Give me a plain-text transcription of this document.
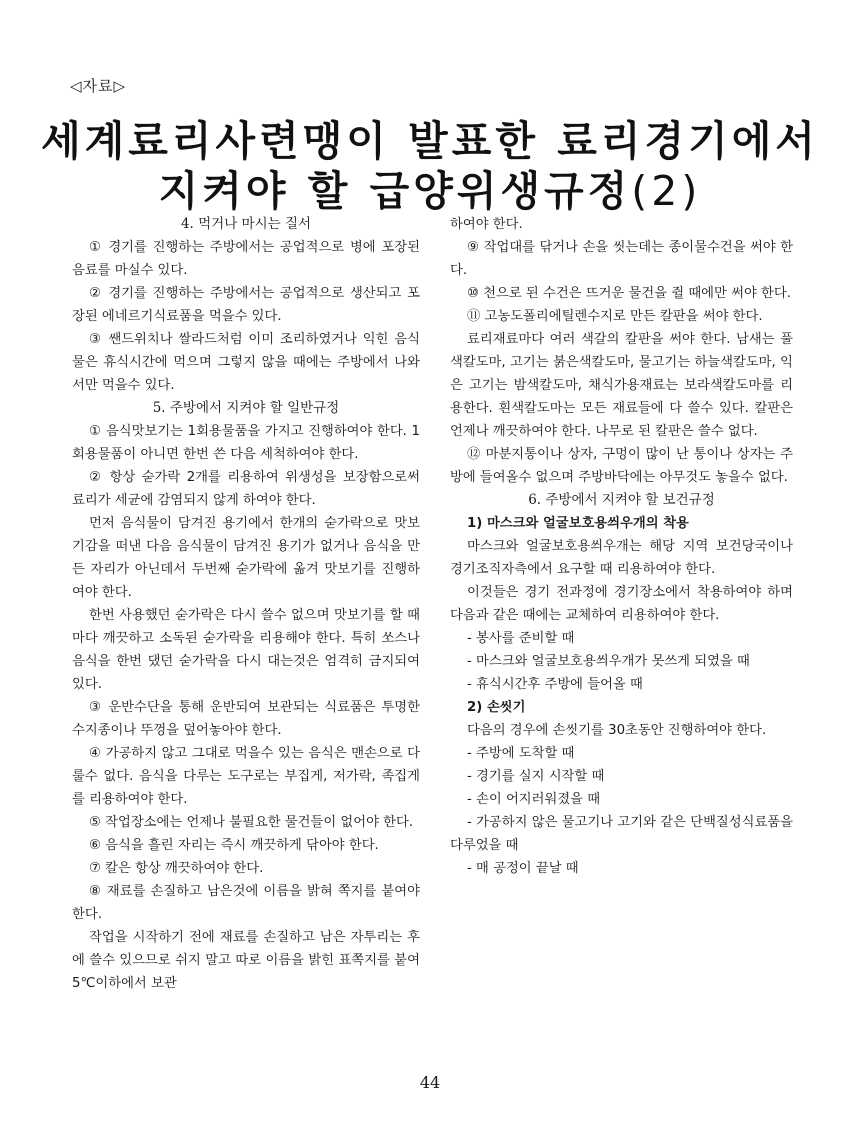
◁자료▷
세계료리사련맹이 발표한 료리경기에서
지켜야 할 급양위생규정(2)

4. 먹거나 마시는 질서

① 경기를 진행하는 주방에서는 공업적으로 병에 포장된 음료를 마실수 있다.

② 경기를 진행하는 주방에서는 공업적으로 생산되고 포장된 에네르기식료품을 먹을수 있다.

③ 쌘드위치나 쌀라드처럼 이미 조리하였거나 익힌 음식물은 휴식시간에 먹으며 그렇지 않을 때에는 주방에서 나와서만 먹을수 있다.

5. 주방에서 지켜야 할 일반규정

① 음식맛보기는 1회용물품을 가지고 진행하여야 한다. 1회용물품이 아니면 한번 쓴 다음 세척하여야 한다.

② 항상 숟가락 2개를 리용하여 위생성을 보장함으로써 료리가 세균에 감염되지 않게 하여야 한다.

먼저 음식물이 담겨진 용기에서 한개의 숟가락으로 맛보기감을 떠낸 다음 음식물이 담겨진 용기가 없거나 음식을 만든 자리가 아닌데서 두번째 숟가락에 옮겨 맛보기를 진행하여야 한다.

한번 사용했던 숟가락은 다시 쓸수 없으며 맛보기를 할 때마다 깨끗하고 소독된 숟가락을 리용해야 한다. 특히 쏘스나 음식을 한번 댔던 숟가락을 다시 대는것은 엄격히 금지되여있다.

③ 운반수단을 통해 운반되여 보관되는 식료품은 투명한 수지종이나 뚜껑을 덮어놓아야 한다.

④ 가공하지 않고 그대로 먹을수 있는 음식은 맨손으로 다룰수 없다. 음식을 다루는 도구로는 부집게, 저가락, 족집게를 리용하여야 한다.

⑤ 작업장소에는 언제나 불필요한 물건들이 없어야 한다.

⑥ 음식을 흘린 자리는 즉시 깨끗하게 닦아야 한다.

⑦ 칼은 항상 깨끗하여야 한다.

⑧ 재료를 손질하고 남은것에 이름을 밝혀 쪽지를 붙여야 한다.

작업을 시작하기 전에 재료를 손질하고 남은 자투리는 후에 쓸수 있으므로 쉬지 말고 따로 이름을 밝힌 표쪽지를 붙여 5℃이하에서 보관

하여야 한다.

⑨ 작업대를 닦거나 손을 씻는데는 종이물수건을 써야 한다.

⑩ 천으로 된 수건은 뜨거운 물건을 쥘 때에만 써야 한다.

⑪ 고농도폴리에틸렌수지로 만든 칼판을 써야 한다.

료리재료마다 여러 색갈의 칼판을 써야 한다. 남새는 풀색칼도마, 고기는 붉은색칼도마, 물고기는 하늘색칼도마, 익은 고기는 밤색칼도마, 채식가용재료는 보라색칼도마를 리용한다. 흰색칼도마는 모든 재료들에 다 쓸수 있다. 칼판은 언제나 깨끗하여야 한다. 나무로 된 칼판은 쓸수 없다.

⑫ 마분지통이나 상자, 구멍이 많이 난 통이나 상자는 주방에 들여올수 없으며 주방바닥에는 아무것도 놓을수 없다.

6. 주방에서 지켜야 할 보건규정

1) 마스크와 얼굴보호용씌우개의 착용

마스크와 얼굴보호용씌우개는 해당 지역 보건당국이나 경기조직자측에서 요구할 때 리용하여야 한다.

이것들은 경기 전과정에 경기장소에서 착용하여야 하며 다음과 같은 때에는 교체하여 리용하여야 한다.

- 봉사를 준비할 때

- 마스크와 얼굴보호용씌우개가 못쓰게 되였을 때

- 휴식시간후 주방에 들어올 때

2) 손씻기

다음의 경우에 손씻기를 30초동안 진행하여야 한다.

- 주방에 도착할 때

- 경기를 실지 시작할 때

- 손이 어지러워졌을 때

- 가공하지 않은 물고기나 고기와 같은 단백질성식료품을 다루었을 때

- 매 공정이 끝날 때

44
